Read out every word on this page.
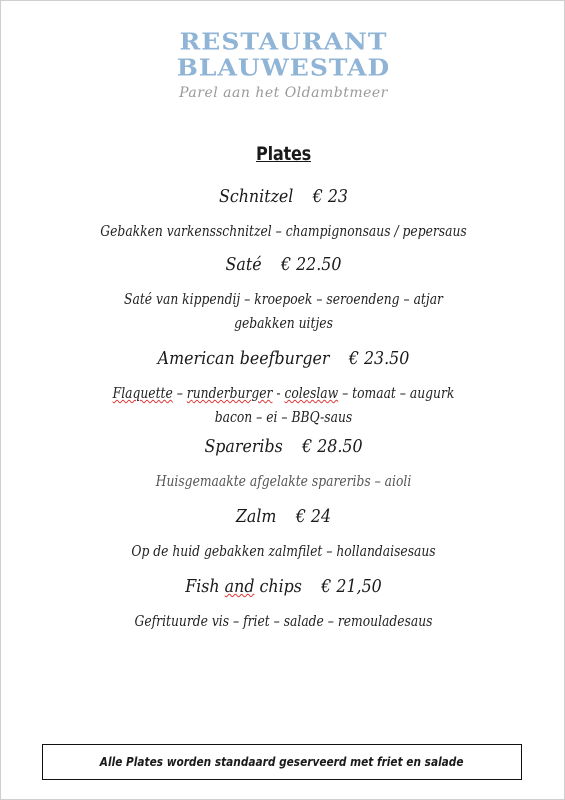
RESTAURANT
BLAUWESTAD
Parel aan het Oldambtmeer
Plates
Schnitzel € 23
Gebakken varkensschnitzel – champignonsaus / pepersaus
Saté € 22.50
Saté van kippendij – kroepoek – seroendeng – atjar
gebakken uitjes
American beefburger € 23.50
Flaquette – runderburger - coleslaw – tomaat – augurk
bacon – ei – BBQ-saus
Spareribs € 28.50
Huisgemaakte afgelakte spareribs – aioli
Zalm € 24
Op de huid gebakken zalmfilet – hollandaisesaus
Fish and chips € 21,50
Gefrituurde vis – friet – salade – remouladesaus
Alle Plates worden standaard geserveerd met friet en salade
